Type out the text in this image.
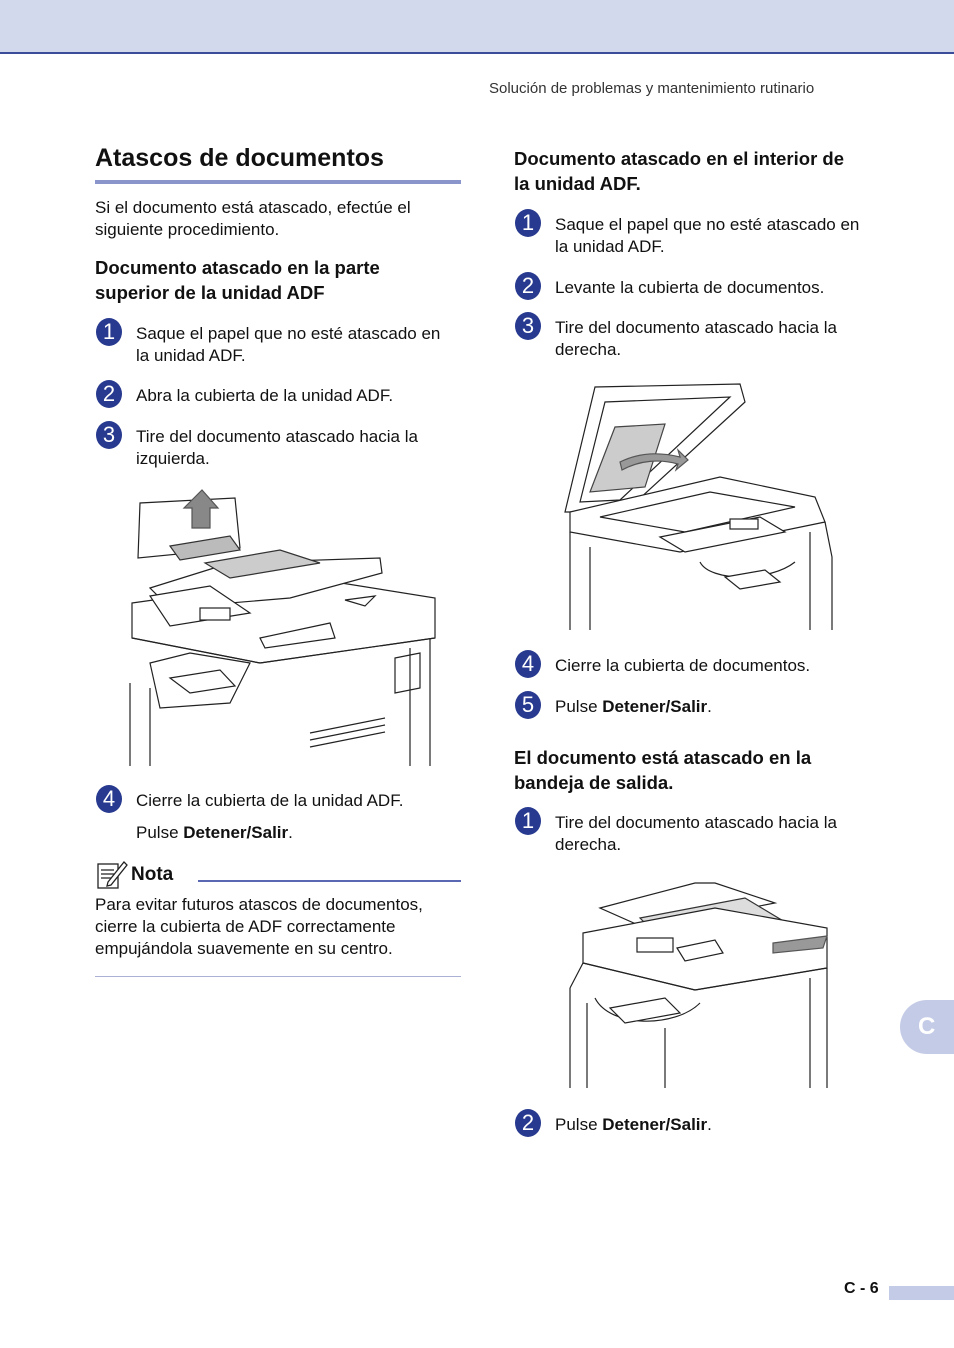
Solución de problemas y mantenimiento rutinario
Atascos de documentos

Si el documento está atascado, efectúe el siguiente procedimiento.

Documento atascado en la parte
superior de la unidad ADF
1	Saque el papel que no esté atascado en
la unidad ADF.
2	Abra la cubierta de la unidad ADF.
3	Tire del documento atascado hacia la
izquierda.
4	Cierre la cubierta de la unidad ADF.
Pulse Detener/Salir.
Nota
Para evitar futuros atascos de documentos,
cierre la cubierta de ADF correctamente
empujándola suavemente en su centro.
Documento atascado en el interior de
la unidad ADF.
1	Saque el papel que no esté atascado en
la unidad ADF.
2	Levante la cubierta de documentos.
3	Tire del documento atascado hacia la
derecha.
4	Cierre la cubierta de documentos.
5	Pulse Detener/Salir.
El documento está atascado en la
bandeja de salida.
1	Tire del documento atascado hacia la
derecha.
2	Pulse Detener/Salir.
C
C - 6
